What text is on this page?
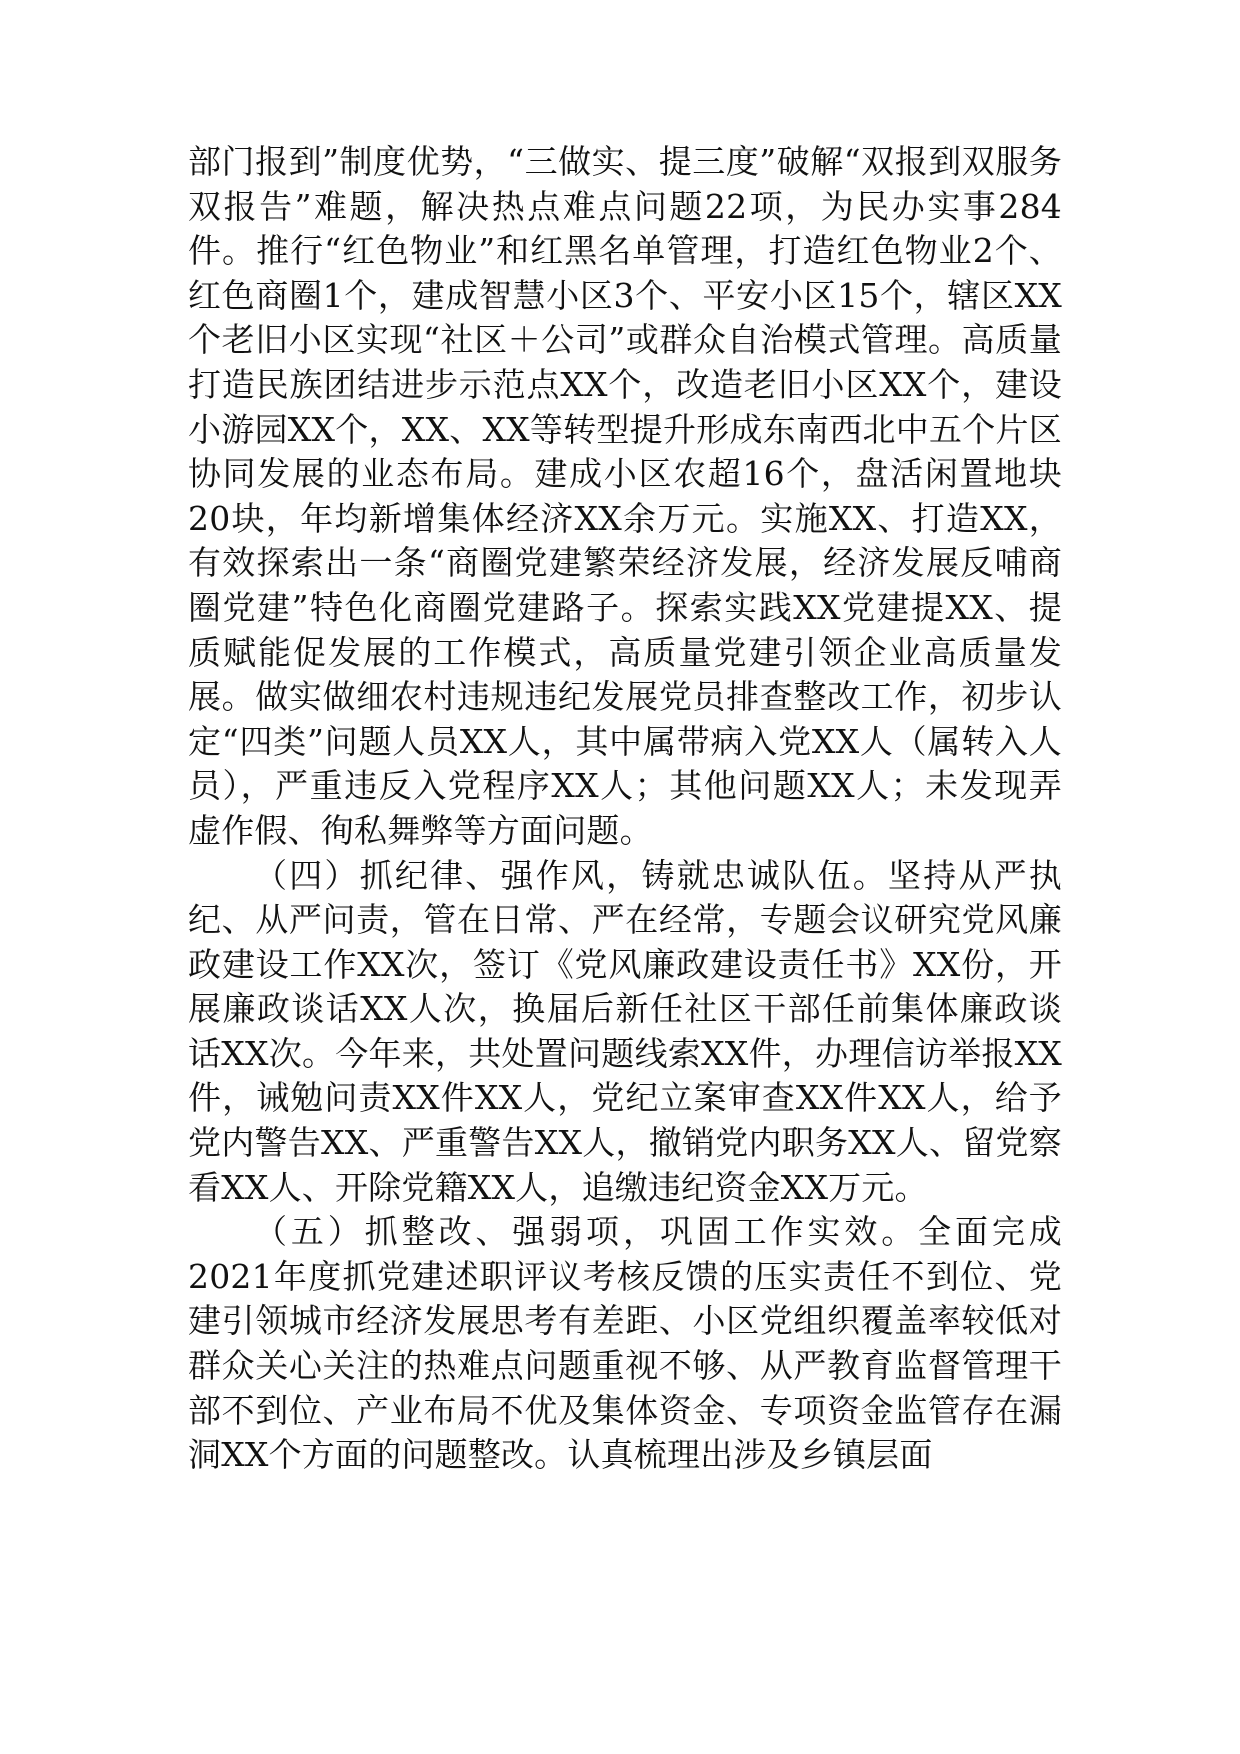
部门报到”制度优势，“三做实、提三度”破解“双报到双服务双报告”难题，解决热点难点问题22项，为民办实事284件。推行“红色物业”和红黑名单管理，打造红色物业2个、红色商圈1个，建成智慧小区3个、平安小区15个，辖区XX个老旧小区实现“社区＋公司”或群众自治模式管理。高质量打造民族团结进步示范点XX个，改造老旧小区XX个，建设小游园XX个，XX、XX等转型提升形成东南西北中五个片区协同发展的业态布局。建成小区农超16个，盘活闲置地块20块，年均新增集体经济XX余万元。实施XX、打造XX，有效探索出一条“商圈党建繁荣经济发展，经济发展反哺商圈党建”特色化商圈党建路子。探索实践XX党建提XX、提质赋能促发展的工作模式，高质量党建引领企业高质量发展。做实做细农村违规违纪发展党员排查整改工作，初步认定“四类”问题人员XX人，其中属带病入党XX人（属转入人员），严重违反入党程序XX人；其他问题XX人；未发现弄虚作假、徇私舞弊等方面问题。

（四）抓纪律、强作风，铸就忠诚队伍。坚持从严执纪、从严问责，管在日常、严在经常，专题会议研究党风廉政建设工作XX次，签订《党风廉政建设责任书》XX份，开展廉政谈话XX人次，换届后新任社区干部任前集体廉政谈话XX次。今年来，共处置问题线索XX件，办理信访举报XX件，诫勉问责XX件XX人，党纪立案审查XX件XX人，给予党内警告XX、严重警告XX人，撤销党内职务XX人、留党察看XX人、开除党籍XX人，追缴违纪资金XX万元。

（五）抓整改、强弱项，巩固工作实效。全面完成2021年度抓党建述职评议考核反馈的压实责任不到位、党建引领城市经济发展思考有差距、小区党组织覆盖率较低对群众关心关注的热难点问题重视不够、从严教育监督管理干部不到位、产业布局不优及集体资金、专项资金监管存在漏洞XX个方面的问题整改。认真梳理出涉及乡镇层面
